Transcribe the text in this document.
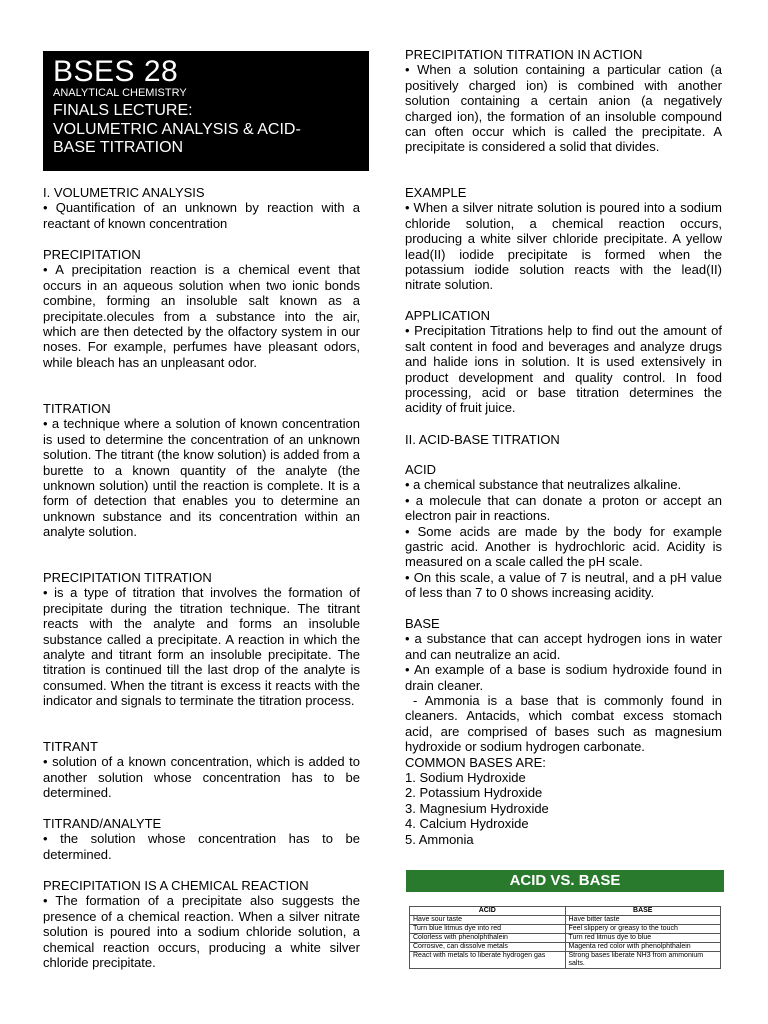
BSES 28
ANALYTICAL CHEMISTRY
FINALS LECTURE:
VOLUMETRIC ANALYSIS & ACID-
BASE TITRATION
I. VOLUMETRIC ANALYSIS

• Quantification of an unknown by reaction with a reactant of known concentration

PRECIPITATION

• A precipitation reaction is a chemical event that occurs in an aqueous solution when two ionic bonds combine, forming an insoluble salt known as a precipitate.olecules from a substance into the air, which are then detected by the olfactory system in our noses. For example, perfumes have pleasant odors, while bleach has an unpleasant odor.

TITRATION

• a technique where a solution of known concentration is used to determine the concentration of an unknown solution. The titrant (the know solution) is added from a burette to a known quantity of the analyte (the unknown solution) until the reaction is complete. It is a form of detection that enables you to determine an unknown substance and its concentration within an analyte solution.

PRECIPITATION TITRATION

• is a type of titration that involves the formation of precipitate during the titration technique. The titrant reacts with the analyte and forms an insoluble substance called a precipitate. A reaction in which the analyte and titrant form an insoluble precipitate. The titration is continued till the last drop of the analyte is consumed. When the titrant is excess it reacts with the indicator and signals to terminate the titration process.

TITRANT

• solution of a known concentration, which is added to another solution whose concentration has to be determined.

TITRAND/ANALYTE

• the solution whose concentration has to be determined.

PRECIPITATION IS A CHEMICAL REACTION

• The formation of a precipitate also suggests the presence of a chemical reaction. When a silver nitrate solution is poured into a sodium chloride solution, a chemical reaction occurs, producing a white silver chloride precipitate.

PRECIPITATION TITRATION IN ACTION

• When a solution containing a particular cation (a positively charged ion) is combined with another solution containing a certain anion (a negatively charged ion), the formation of an insoluble compound can often occur which is called the precipitate. A precipitate is considered a solid that divides.

EXAMPLE

• When a silver nitrate solution is poured into a sodium chloride solution, a chemical reaction occurs, producing a white silver chloride precipitate. A yellow lead(II) iodide precipitate is formed when the potassium iodide solution reacts with the lead(II) nitrate solution.

APPLICATION

• Precipitation Titrations help to find out the amount of salt content in food and beverages and analyze drugs and halide ions in solution. It is used extensively in product development and quality control. In food processing, acid or base titration determines the acidity of fruit juice.

II. ACID-BASE TITRATION
ACID

• a chemical substance that neutralizes alkaline.

• a molecule that can donate a proton or accept an electron pair in reactions.

• Some acids are made by the body for example gastric acid. Another is hydrochloric acid. Acidity is measured on a scale called the pH scale.

• On this scale, a value of 7 is neutral, and a pH value of less than 7 to 0 shows increasing acidity.

BASE

• a substance that can accept hydrogen ions in water and can neutralize an acid.

• An example of a base is sodium hydroxide found in drain cleaner.

- Ammonia is a base that is commonly found in cleaners. Antacids, which combat excess stomach acid, are comprised of bases such as magnesium hydroxide or sodium hydrogen carbonate.

COMMON BASES ARE:
1. Sodium Hydroxide
2. Potassium Hydroxide
3. Magnesium Hydroxide
4. Calcium Hydroxide
5. Ammonia
ACID VS. BASE
ACID	BASE
Have sour taste	Have bitter taste
Turn blue litmus dye into red	Feel slippery or greasy to the touch
Colorless with phenolphthalein	Turn red litmus dye to blue
Corrosive, can dissolve metals	Magenta red color with phenolphthalein
React with metals to liberate hydrogen gas	Strong bases liberate NH3 from ammonium salts.
